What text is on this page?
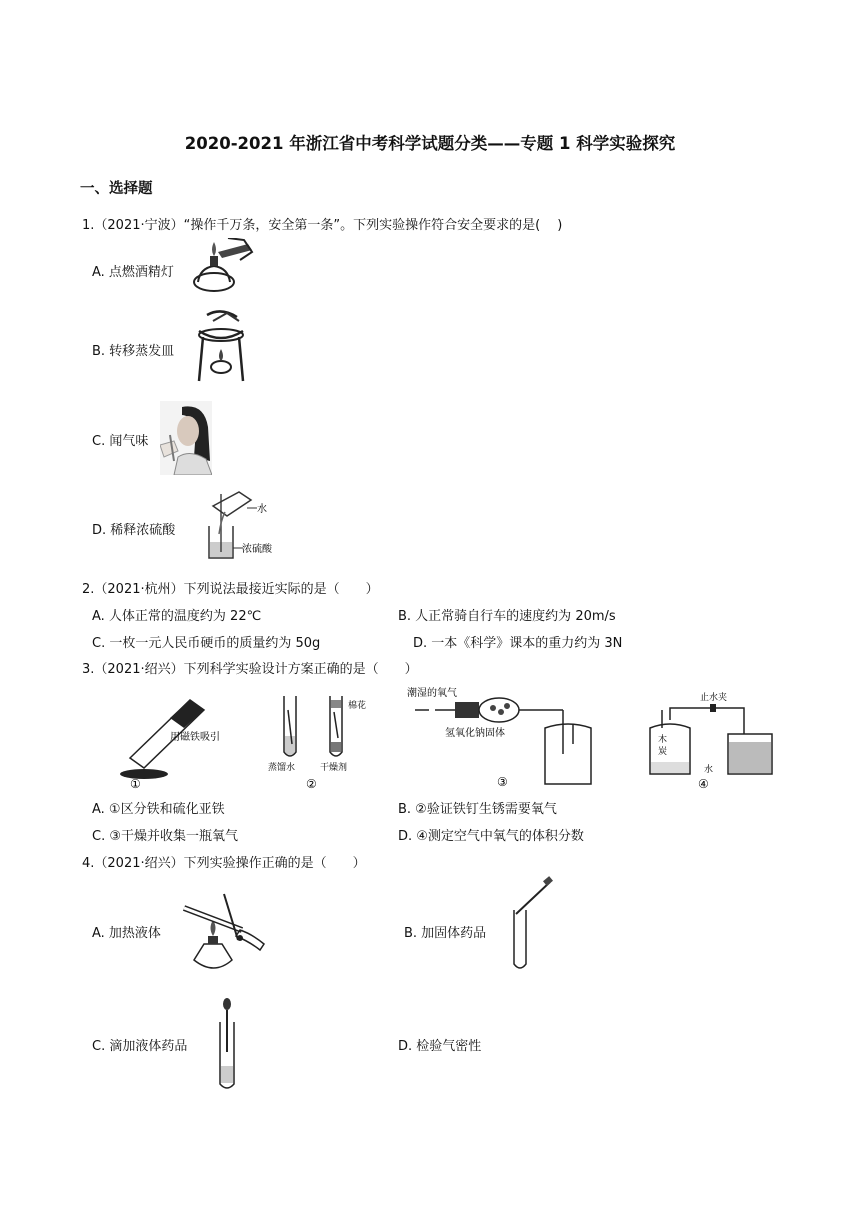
2020-2021 年浙江省中考科学试题分类——专题 1 科学实验探究
一、选择题
1.（2021·宁波）“操作千万条，安全第一条”。下列实验操作符合安全要求的是(　 )
A. 点燃酒精灯
B. 转移蒸发皿
C. 闻气味
D. 稀释浓硫酸
水
浓硫酸
2.（2021·杭州）下列说法最接近实际的是（　　）
A. 人体正常的温度约为 22℃	B. 人正常骑自行车的速度约为 20m/s
C. 一枚一元人民币硬币的质量约为 50g	D. 一本《科学》课本的重力约为 3N
3.（2021·绍兴）下列科学实验设计方案正确的是（　　）
用磁铁吸引
①
棉花
蒸馏水	干燥剂
②
潮湿的氧气
氢氧化钠固体
③
止水夹
木
炭
水
④
A. ①区分铁和硫化亚铁	B. ②验证铁钉生锈需要氧气
C. ③干燥并收集一瓶氧气	D. ④测定空气中氧气的体积分数
4.（2021·绍兴）下列实验操作正确的是（　　）
A. 加热液体	B. 加固体药品
C. 滴加液体药品	D. 检验气密性
